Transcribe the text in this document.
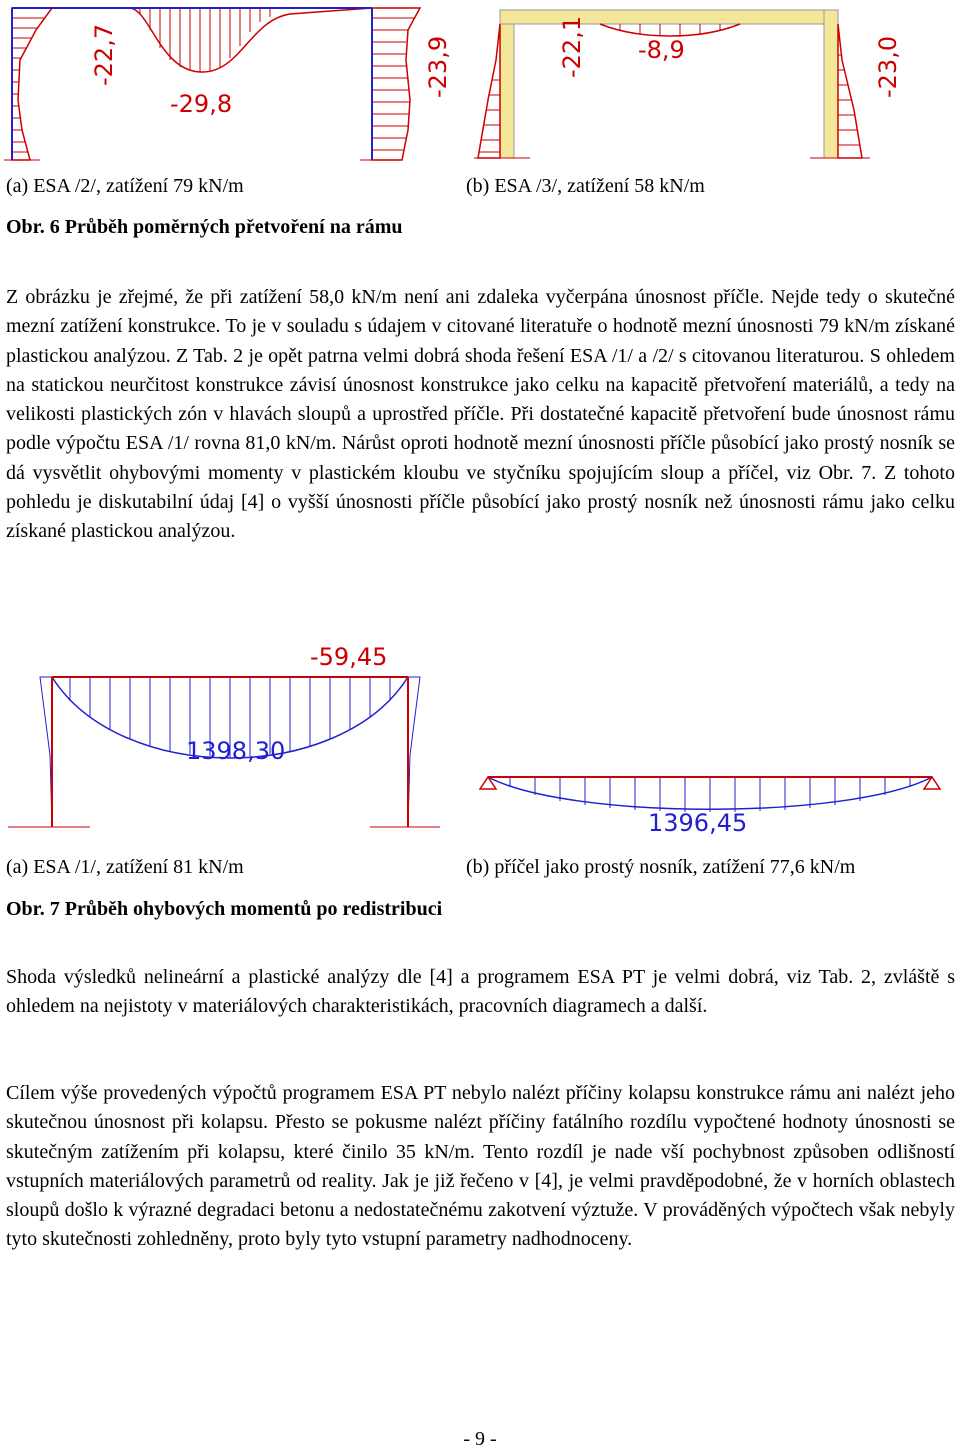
-22,7
-29,8
-23,9	-22,1 -8,9	-23,0
(a) ESA /2/, zatížení 79 kN/m	(b) ESA /3/, zatížení 58 kN/m
Obr. 6 Průběh poměrných přetvoření na rámu

Z obrázku je zřejmé, že při zatížení 58,0 kN/m není ani zdaleka vyčerpána únosnost příčle. Nejde tedy o skutečné mezní zatížení konstrukce. To je v souladu s údajem v citované literatuře o hodnotě mezní únosnosti 79 kN/m získané plastickou analýzou. Z Tab. 2 je opět patrna velmi dobrá shoda řešení ESA /1/ a /2/ s citovanou literaturou. S ohledem na statickou neurčitost konstrukce závisí únosnost konstrukce jako celku na kapacitě přetvoření materiálů, a tedy na velikosti plastických zón v hlavách sloupů a uprostřed příčle. Při dostatečné kapacitě přetvoření bude únosnost rámu podle výpočtu ESA /1/ rovna 81,0 kN/m. Nárůst oproti hodnotě mezní únosnosti příčle působící jako prostý nosník se dá vysvětlit ohybovými momenty v plastickém kloubu ve styčníku spojujícím sloup a příčel, viz Obr. 7. Z tohoto pohledu je diskutabilní údaj [4] o vyšší únosnosti příčle působící jako prostý nosník než únosnosti rámu jako celku získané plastickou analýzou.

-59,45
1398,30
1396,45
(a) ESA /1/, zatížení 81 kN/m	(b) příčel jako prostý nosník, zatížení 77,6 kN/m
Obr. 7 Průběh ohybových momentů po redistribuci

Shoda výsledků nelineární a plastické analýzy dle [4] a programem ESA PT je velmi dobrá, viz Tab. 2, zvláště s ohledem na nejistoty v materiálových charakteristikách, pracovních diagramech a další.

Cílem výše provedených výpočtů programem ESA PT nebylo nalézt příčiny kolapsu konstrukce rámu ani nalézt jeho skutečnou únosnost při kolapsu. Přesto se pokusme nalézt příčiny fatálního rozdílu vypočtené hodnoty únosnosti se skutečným zatížením při kolapsu, které činilo 35 kN/m. Tento rozdíl je nade vší pochybnost způsoben odlišností vstupních materiálových parametrů od reality. Jak je již řečeno v [4], je velmi pravděpodobné, že v horních oblastech sloupů došlo k výrazné degradaci betonu a nedostatečnému zakotvení výztuže. V prováděných výpočtech však nebyly tyto skutečnosti zohledněny, proto byly tyto vstupní parametry nadhodnoceny.

- 9 -
